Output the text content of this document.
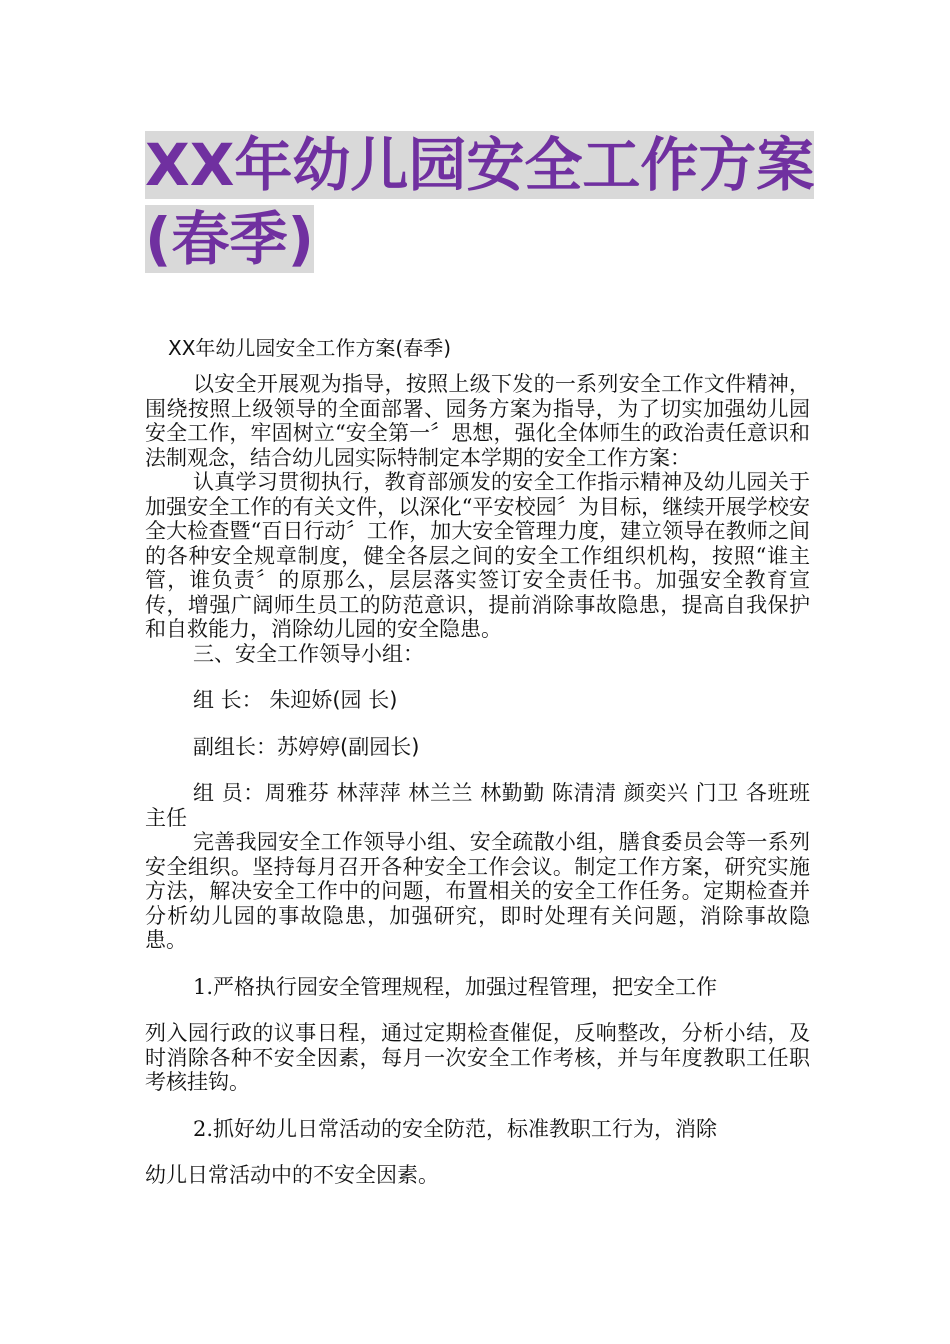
XX年幼儿园安全工作方案(春季)
XX年幼儿园安全工作方案(春季)

以安全开展观为指导，按照上级下发的一系列安全工作文件精神，围绕按照上级领导的全面部署、园务方案为指导，为了切实加强幼儿园安全工作，牢固树立“安全第一〞思想，强化全体师生的政治责任意识和法制观念，结合幼儿园实际特制定本学期的安全工作方案：

认真学习贯彻执行，教育部颁发的安全工作指示精神及幼儿园关于加强安全工作的有关文件，以深化“平安校园〞为目标，继续开展学校安全大检查暨“百日行动〞工作，加大安全管理力度，建立领导在教师之间的各种安全规章制度，健全各层之间的安全工作组织机构，按照“谁主管，谁负责〞的原那么，层层落实签订安全责任书。加强安全教育宣传，增强广阔师生员工的防范意识，提前消除事故隐患，提高自我保护和自救能力，消除幼儿园的安全隐患。

三、安全工作领导小组：

组 长： 朱迎娇(园 长)

副组长：苏婷婷(副园长)

组 员：周雅芬 林萍萍 林兰兰 林勤勤 陈清清 颜奕兴 门卫 各班班主任

完善我园安全工作领导小组、安全疏散小组，膳食委员会等一系列安全组织。坚持每月召开各种安全工作会议。制定工作方案，研究实施方法，解决安全工作中的问题，布置相关的安全工作任务。定期检查并分析幼儿园的事故隐患，加强研究，即时处理有关问题，消除事故隐患。

1.严格执行园安全管理规程，加强过程管理，把安全工作

列入园行政的议事日程，通过定期检查催促，反响整改，分析小结，及时消除各种不安全因素，每月一次安全工作考核，并与年度教职工任职考核挂钩。

2.抓好幼儿日常活动的安全防范，标准教职工行为，消除

幼儿日常活动中的不安全因素。
